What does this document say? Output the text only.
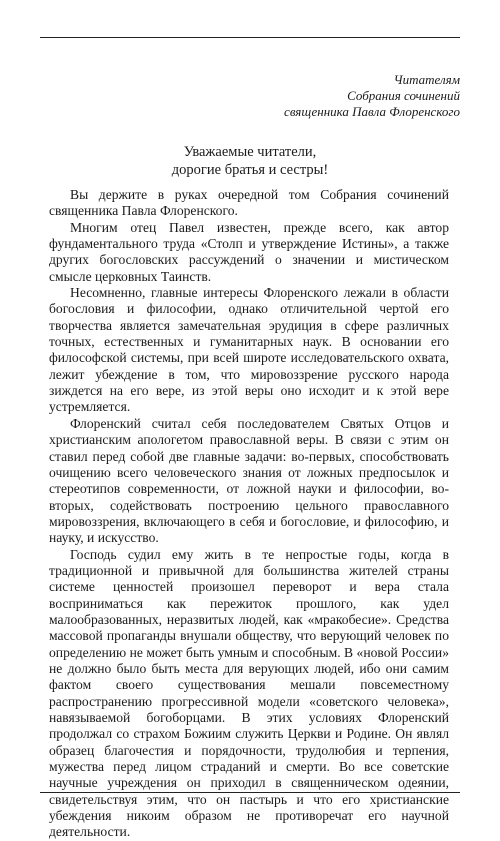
Читателям
Собрания сочинений
священника Павла Флоренского
Уважаемые читатели,
дорогие братья и сестры!

Вы держите в руках очередной том Собрания сочинений священника Павла Флоренского.

Многим отец Павел известен, прежде всего, как автор фундаментального труда «Столп и утверждение Истины», а также других богословских рассуждений о значении и мистическом смысле церковных Таинств.

Несомненно, главные интересы Флоренского лежали в области богословия и философии, однако отличительной чертой его творчества является замечательная эрудиция в сфере различных точных, естественных и гуманитарных наук. В основании его философской системы, при всей широте исследовательского охвата, лежит убеждение в том, что мировоззрение русского народа зиждется на его вере, из этой веры оно исходит и к этой вере устремляется.

Флоренский считал себя последователем Святых Отцов и христианским апологетом православной веры. В связи с этим он ставил перед собой две главные задачи: во-первых, способствовать очищению всего человеческого знания от ложных предпосылок и стереотипов современности, от ложной науки и философии, во-вторых, содействовать построению цельного православного мировоззрения, включающего в себя и богословие, и философию, и науку, и искусство.

Господь судил ему жить в те непростые годы, когда в традиционной и привычной для большинства жителей страны системе ценностей произошел переворот и вера стала восприниматься как пережиток прошлого, как удел малообразованных, неразвитых людей, как «мракобесие». Средства массовой пропаганды внушали обществу, что верующий человек по определению не может быть умным и способным. В «новой России» не должно было быть места для верующих людей, ибо они самим фактом своего существования мешали повсеместному распространению прогрессивной модели «советского человека», навязываемой богоборцами. В этих условиях Флоренский продолжал со страхом Божиим служить Церкви и Родине. Он являл образец благочестия и порядочности, трудолюбия и терпения, мужества перед лицом страданий и смерти. Во все советские научные учреждения он приходил в священническом одеянии, свидетельствуя этим, что он пастырь и что его христианские убеждения никоим образом не противоречат его научной деятельности.
